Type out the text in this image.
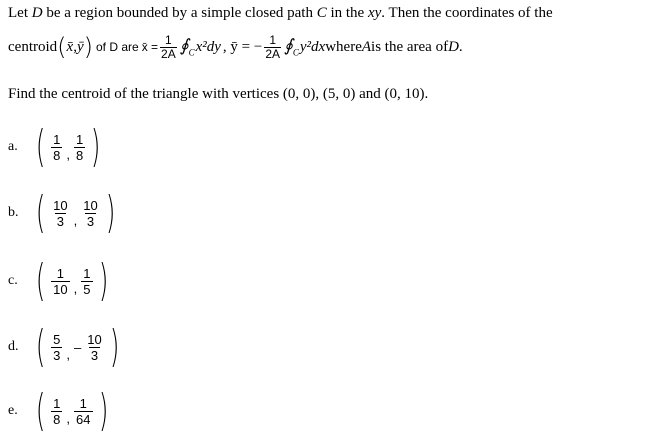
Let D be a region bounded by a simple closed path C in the xy. Then the coordinates of the
centroid ( x̄ , ȳ ) of D are x̄ = $\frac{1}{2A}$ $∮_C$ x²dy , ȳ = − $\frac{1}{2A}$ $∮_C$ y²dx where A is the area of D .
Find the centroid of the triangle with vertices (0, 0), (5, 0) and (0, 10).
a. ( 1
8 ,
1
8 )
b. ( 10
3 ,
10
3 )
c. ( 1
10 ,
1
5 )
d. ( 5
3 , –
10
3 )
e. ( 1
8 ,
1
64 )
